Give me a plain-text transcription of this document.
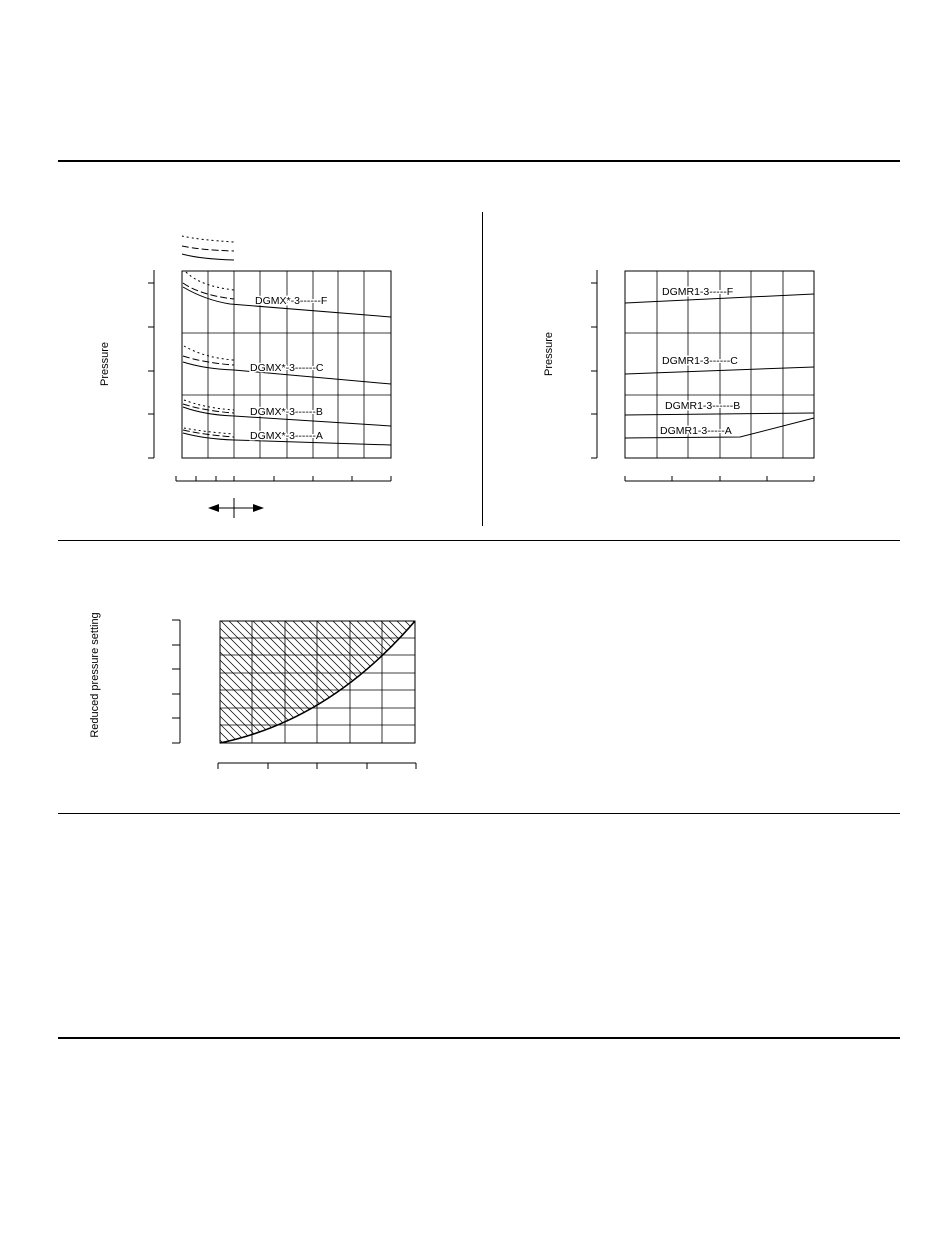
Pressure
DGMX*-3------F
DGMX*-3------C
DGMX*-3------B
DGMX*-3------A
Pressure
DGMR1-3-----F
DGMR1-3------C
DGMR1-3------B
DGMR1-3-----A
Reduced pressure setting
